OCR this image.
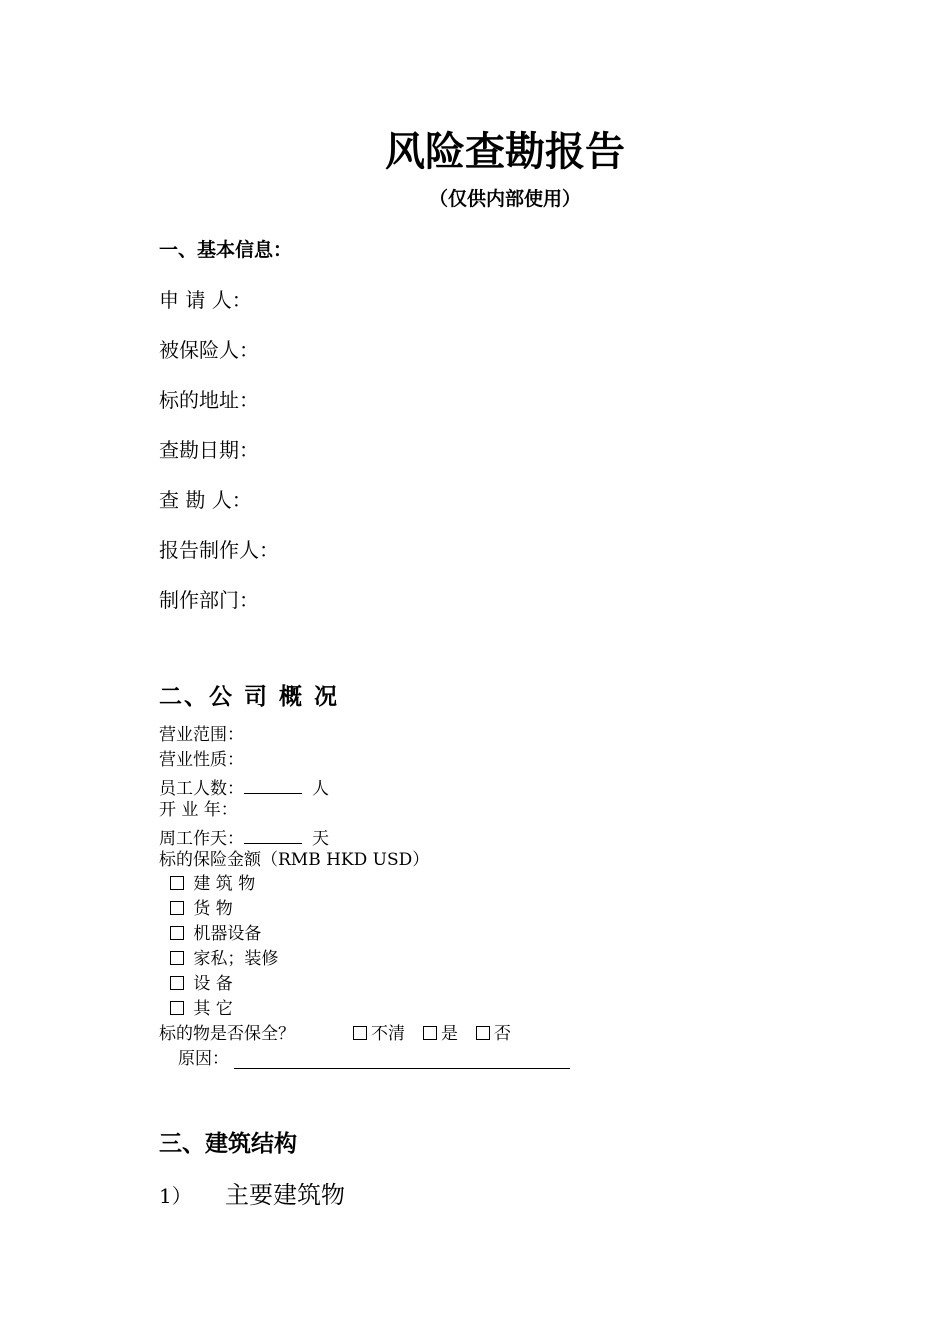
风险查勘报告
（仅供内部使用）
一、基本信息：
申 请 人：
被保险人：
标的地址：
查勘日期：
查 勘 人：
报告制作人：
制作部门：
二、公 司 概 况
营业范围：
营业性质：
员工人数：	人
开 业 年：
周工作天：	天
标的保险金额（RMB HKD USD）
建 筑 物
货 物
机器设备
家私；装修
设 备
其 它
标的物是否保全？	不清 是 否
原因：
三、建筑结构
1） 主要建筑物
